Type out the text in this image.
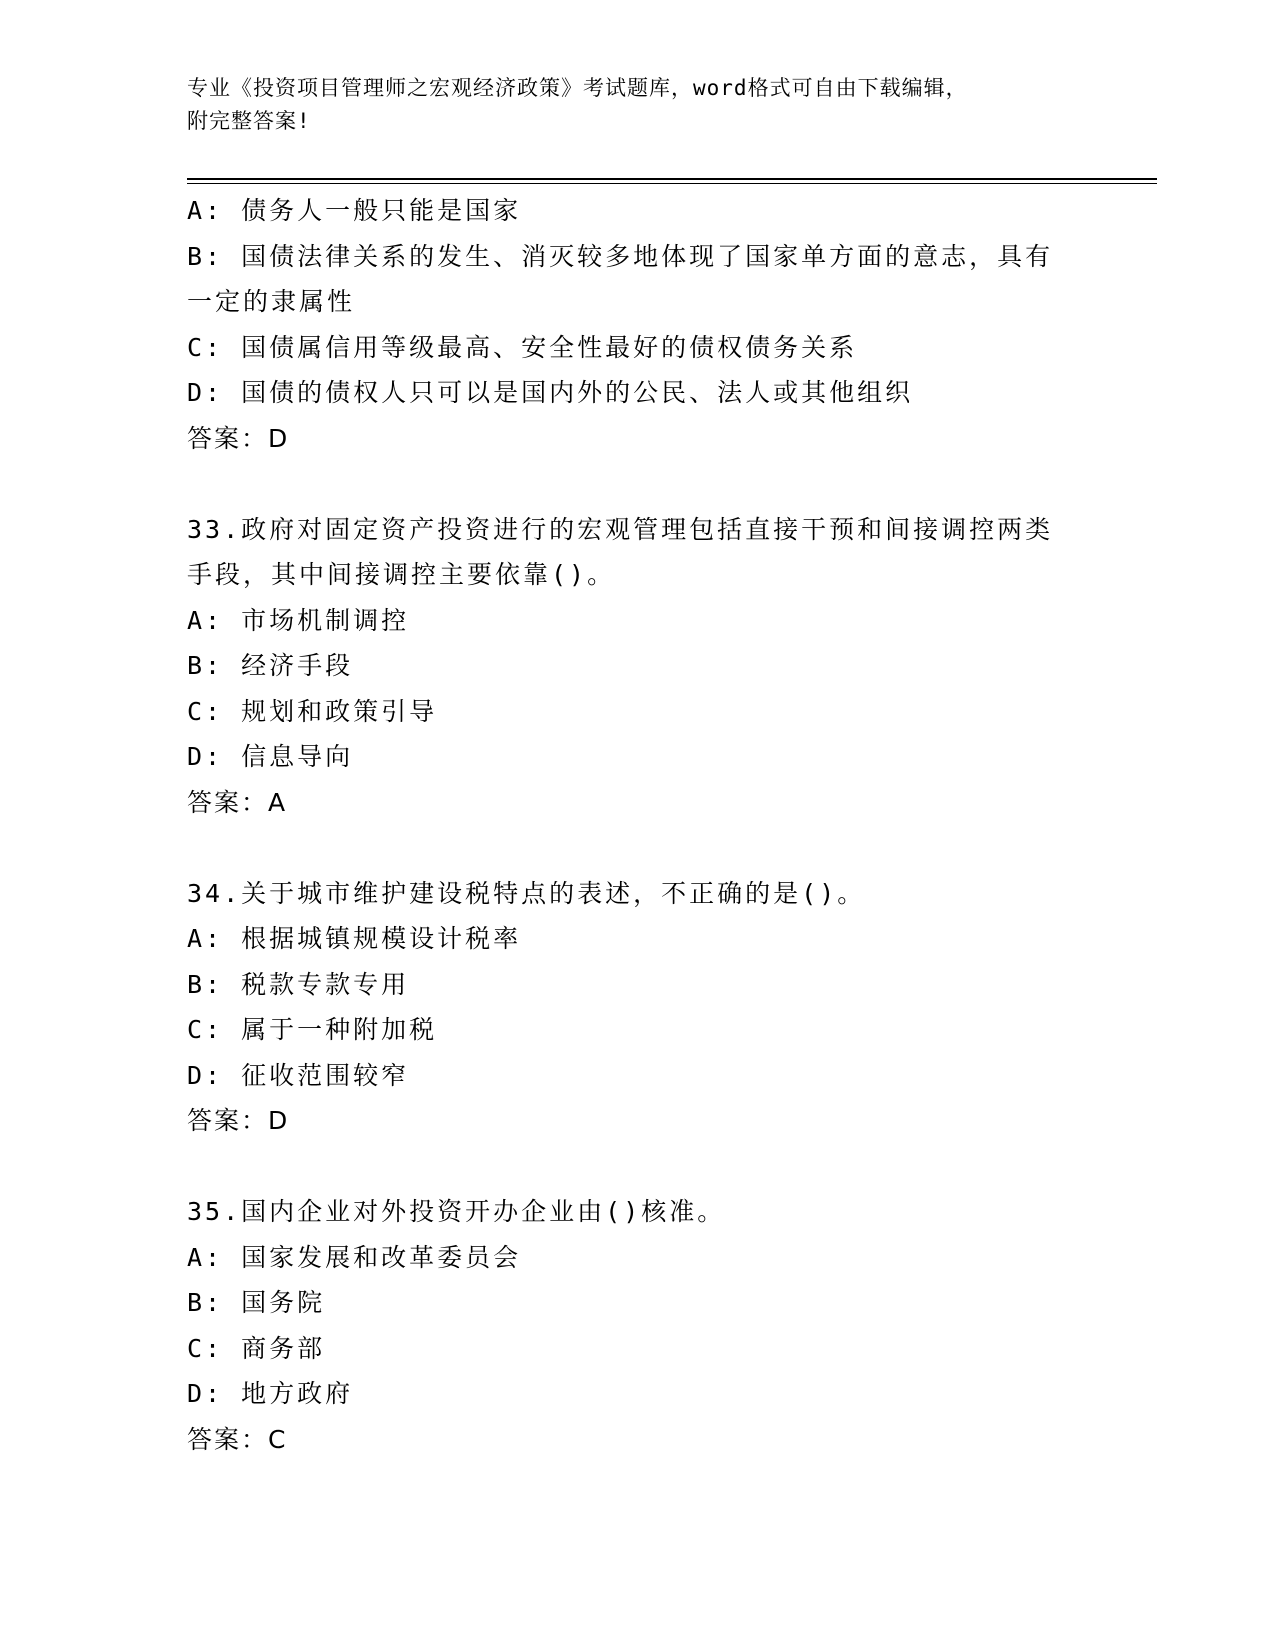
专业《投资项目管理师之宏观经济政策》考试题库，word格式可自由下载编辑，
附完整答案!
A: 债务人一般只能是国家
B: 国债法律关系的发生、消灭较多地体现了国家单方面的意志，具有
一定的隶属性
C: 国债属信用等级最高、安全性最好的债权债务关系
D: 国债的债权人只可以是国内外的公民、法人或其他组织
答案：D
33.政府对固定资产投资进行的宏观管理包括直接干预和间接调控两类
手段，其中间接调控主要依靠()。
A: 市场机制调控
B: 经济手段
C: 规划和政策引导
D: 信息导向
答案：A
34.关于城市维护建设税特点的表述，不正确的是()。
A: 根据城镇规模设计税率
B: 税款专款专用
C: 属于一种附加税
D: 征收范围较窄
答案：D
35.国内企业对外投资开办企业由()核准。
A: 国家发展和改革委员会
B: 国务院
C: 商务部
D: 地方政府
答案：C
